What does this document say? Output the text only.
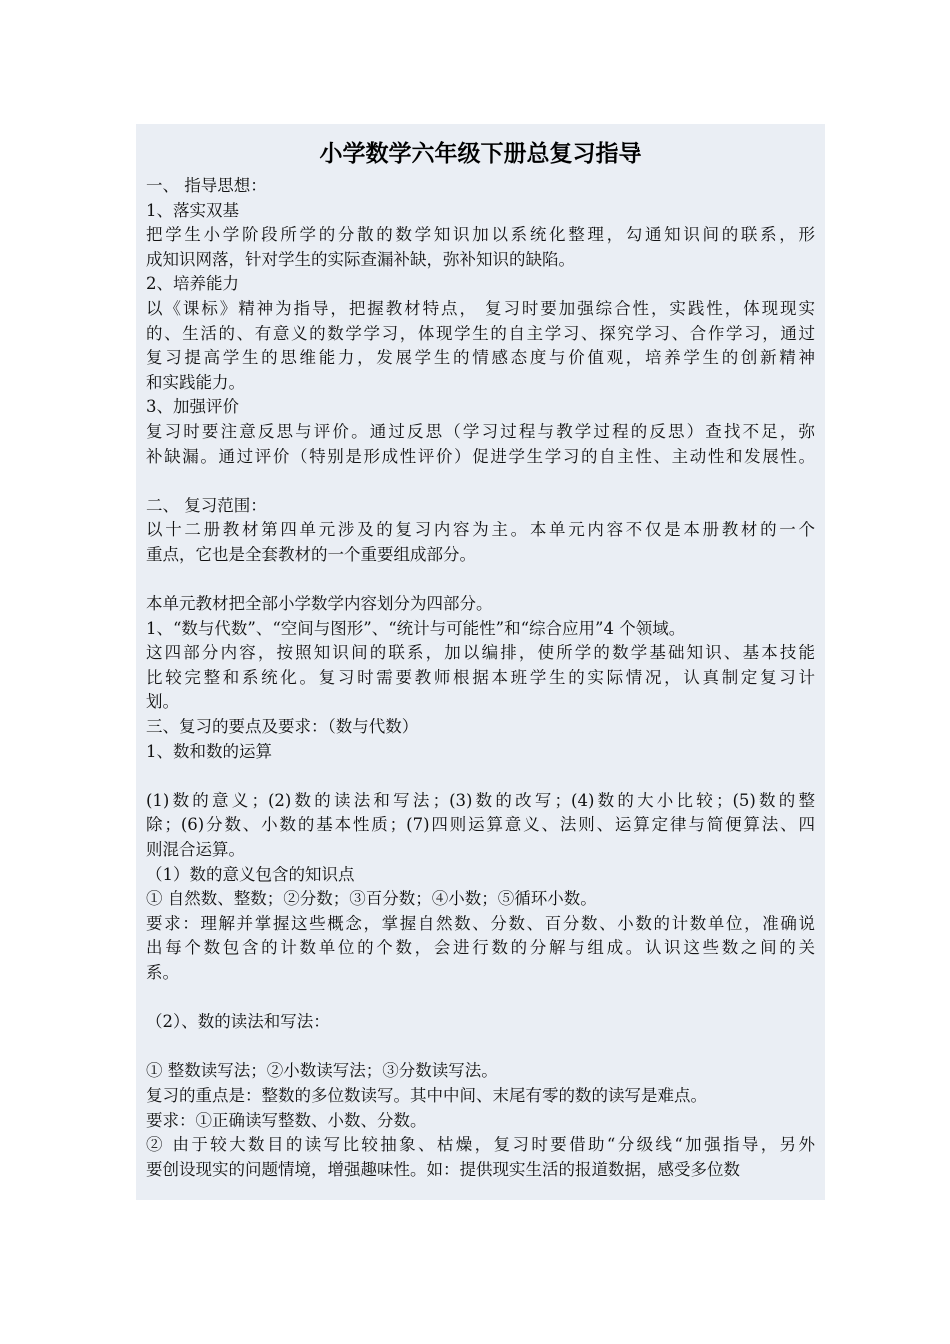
小学数学六年级下册总复习指导
一、 指导思想：
1、落实双基
把学生小学阶段所学的分散的数学知识加以系统化整理，勾通知识间的联系，形
成知识网落，针对学生的实际查漏补缺，弥补知识的缺陷。
2、培养能力
以《课标》精神为指导，把握教材特点， 复习时要加强综合性，实践性，体现现实
的、生活的、有意义的数学学习，体现学生的自主学习、探究学习、合作学习，通过
复习提高学生的思维能力，发展学生的情感态度与价值观，培养学生的创新精神
和实践能力。
3、加强评价
复习时要注意反思与评价。通过反思（学习过程与教学过程的反思）查找不足，弥
补缺漏。通过评价（特别是形成性评价）促进学生学习的自主性、主动性和发展性。
二、 复习范围：
以十二册教材第四单元涉及的复习内容为主。本单元内容不仅是本册教材的一个
重点，它也是全套教材的一个重要组成部分。
本单元教材把全部小学数学内容划分为四部分。
1、“数与代数”、“空间与图形”、“统计与可能性”和“综合应用”4 个领域。
这四部分内容，按照知识间的联系，加以编排，使所学的数学基础知识、基本技能
比较完整和系统化。复习时需要教师根据本班学生的实际情况，认真制定复习计
划。
三、复习的要点及要求：（数与代数）
1、数和数的运算
(1)数的意义；(2)数的读法和写法；(3)数的改写；(4)数的大小比较；(5)数的整
除；(6)分数、小数的基本性质；(7)四则运算意义、法则、运算定律与简便算法、四
则混合运算。
（1）数的意义包含的知识点
① 自然数、整数；②分数；③百分数；④小数；⑤循环小数。
要求：理解并掌握这些概念，掌握自然数、分数、百分数、小数的计数单位，准确说
出每个数包含的计数单位的个数，会进行数的分解与组成。认识这些数之间的关
系。
（2）、数的读法和写法：
① 整数读写法；②小数读写法；③分数读写法。
复习的重点是：整数的多位数读写。其中中间、末尾有零的数的读写是难点。
要求：①正确读写整数、小数、分数。
② 由于较大数目的读写比较抽象、枯燥，复习时要借助“分级线“加强指导，另外
要创设现实的问题情境，增强趣味性。如：提供现实生活的报道数据，感受多位数
